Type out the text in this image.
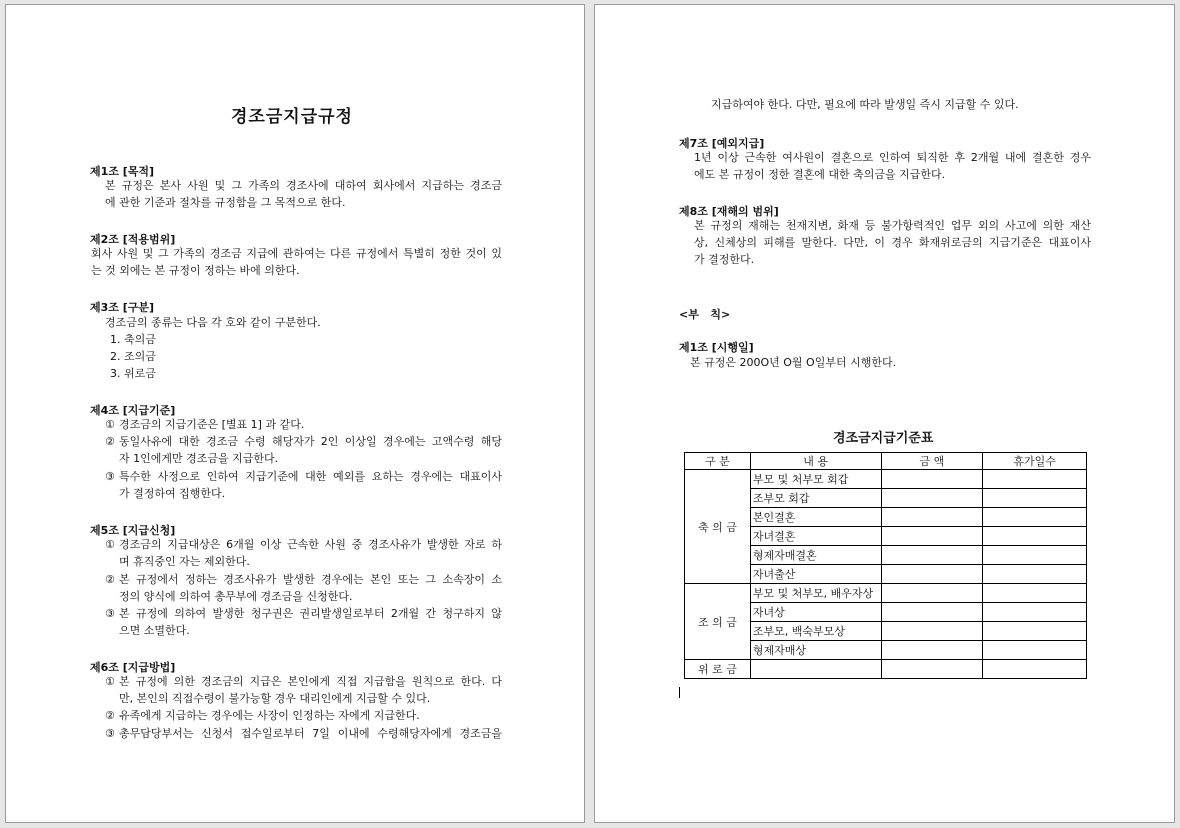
경조금지급규정
제1조 [목적]
본 규정은 본사 사원 및 그 가족의 경조사에 대하여 회사에서 지급하는 경조금
에 관한 기준과 절차를 규정함을 그 목적으로 한다.
제2조 [적용범위]
회사 사원 및 그 가족의 경조금 지급에 관하여는 다른 규정에서 특별히 정한 것이 있
는 것 외에는 본 규정이 정하는 바에 의한다.
제3조 [구분]
경조금의 종류는 다음 각 호와 같이 구분한다.
1. 축의금
2. 조의금
3. 위로금
제4조 [지급기준]
① 경조금의 지급기준은 [별표 1] 과 같다.
② 동일사유에 대한 경조금 수령 해당자가 2인 이상일 경우에는 고액수령 해당
자 1인에게만 경조금을 지급한다.
③ 특수한 사정으로 인하여 지급기준에 대한 예외를 요하는 경우에는 대표이사
가 결정하여 집행한다.
제5조 [지급신청]
① 경조금의 지급대상은 6개월 이상 근속한 사원 중 경조사유가 발생한 자로 하
며 휴직중인 자는 제외한다.
② 본 규정에서 정하는 경조사유가 발생한 경우에는 본인 또는 그 소속장이 소
정의 양식에 의하여 총무부에 경조금을 신청한다.
③ 본 규정에 의하여 발생한 청구권은 권리발생일로부터 2개월 간 청구하지 않
으면 소멸한다.
제6조 [지급방법]
① 본 규정에 의한 경조금의 지급은 본인에게 직접 지급함을 원칙으로 한다. 다
만, 본인의 직접수령이 불가능할 경우 대리인에게 지급할 수 있다.
② 유족에게 지급하는 경우에는 사장이 인정하는 자에게 지급한다.
③ 총무담당부서는 신청서 접수일로부터 7일 이내에 수령해당자에게 경조금을
지급하여야 한다. 다만, 필요에 따라 발생일 즉시 지급할 수 있다.
제7조 [예외지급]
1년 이상 근속한 여사원이 결혼으로 인하여 퇴직한 후 2개월 내에 결혼한 경우
에도 본 규정이 정한 결혼에 대한 축의금을 지급한다.
제8조 [재해의 범위]
본 규정의 재해는 천재지변, 화재 등 불가항력적인 업무 외의 사고에 의한 재산
상, 신체상의 피해를 말한다. 다만, 이 경우 화재위로금의 지급기준은 대표이사
가 결정한다.
<부   칙>
제1조 [시행일]
본 규정은 200O년 O월 O일부터 시행한다.
경조금지급기준표
구 분	내 용	금 액	휴가일수
축 의 금	부모 및 처부모 회갑		
	조부모 회갑		
	본인결혼		
	자녀결혼		
	형제자매결혼		
	자녀출산		
조 의 금	부모 및 처부모, 배우자상		
	자녀상		
	조부모, 백숙부모상		
	형제자매상		
위 로 금			
